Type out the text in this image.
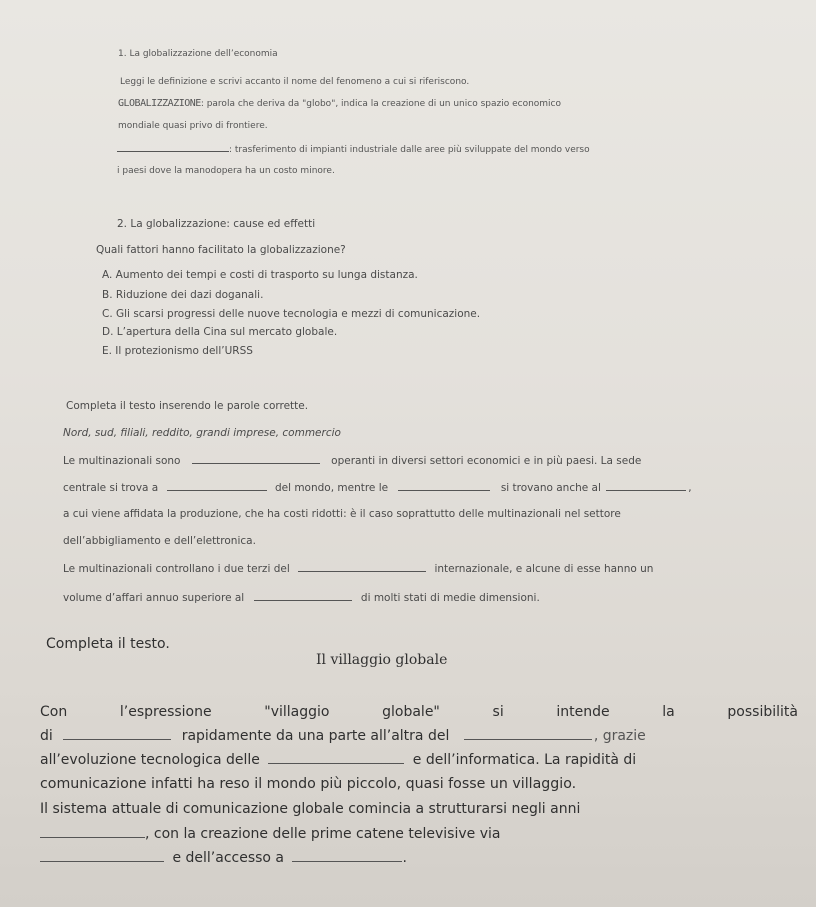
1. La globalizzazione dell’economia
Leggi le definizione e scrivi accanto il nome del fenomeno a cui si riferiscono.
GLOBALIZZAZIONE: parola che deriva da "globo", indica la creazione di un unico spazio economico
mondiale quasi privo di frontiere.
: trasferimento di impianti industriale dalle aree più sviluppate del mondo verso
i paesi dove la manodopera ha un costo minore.
2. La globalizzazione: cause ed effetti
Quali fattori hanno facilitato la globalizzazione?
A. Aumento dei tempi e costi di trasporto su lunga distanza.
B. Riduzione dei dazi doganali.
C. Gli scarsi progressi delle nuove tecnologia e mezzi di comunicazione.
D. L’apertura della Cina sul mercato globale.
E. Il protezionismo dell’URSS
Completa il testo inserendo le parole corrette.
Nord, sud, filiali, reddito, grandi imprese, commercio
Le multinazionali sono	operanti in diversi settori economici e in più paesi. La sede
centrale si trova a	del mondo, mentre le	si trovano anche al	,
a cui viene affidata la produzione, che ha costi ridotti: è il caso soprattutto delle multinazionali nel settore
dell’abbigliamento e dell’elettronica.
Le multinazionali controllano i due terzi del	internazionale, e alcune di esse hanno un
volume d’affari annuo superiore al	di molti stati di medie dimensioni.
Completa il testo.
Il villaggio globale
Con	l’espressione	"villaggio	globale"	si	intende	la	possibilità
di	rapidamente da una parte all’altra del	, grazie
all’evoluzione tecnologica delle	e dell’informatica. La rapidità di
comunicazione infatti ha reso il mondo più piccolo, quasi fosse un villaggio.
Il sistema attuale di comunicazione globale comincia a strutturarsi negli anni
, con la creazione delle prime catene televisive via
e dell’accesso a	.
